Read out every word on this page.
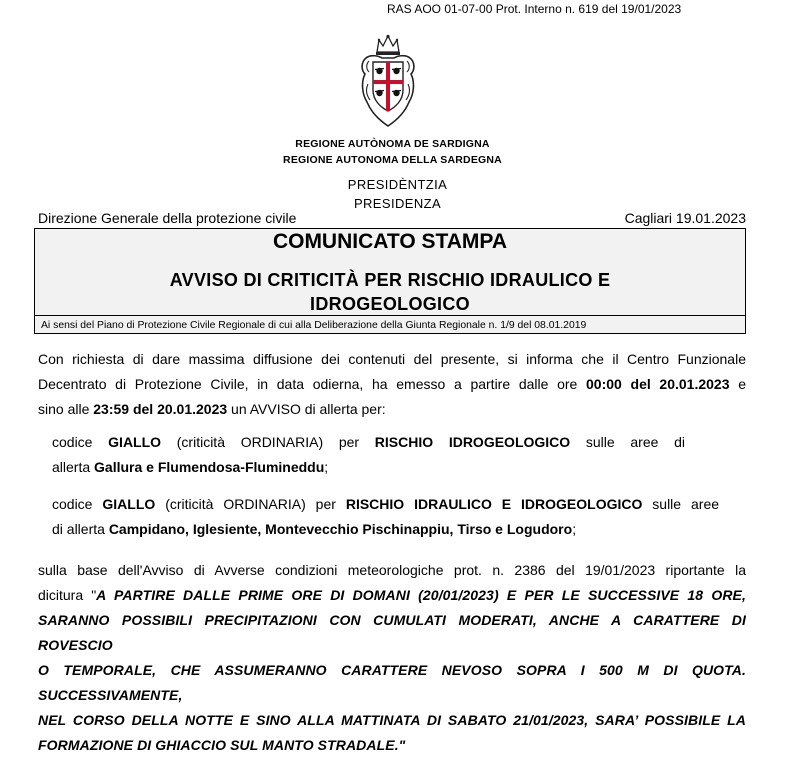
RAS AOO 01-07-00 Prot. Interno n. 619 del 19/01/2023
REGIONE AUTÒNOMA DE SARDIGNA
REGIONE AUTONOMA DELLA SARDEGNA
PRESIDÈNTZIA
PRESIDENZA
Direzione Generale della protezione civile	Cagliari 19.01.2023
COMUNICATO STAMPA
AVVISO DI CRITICITÀ PER RISCHIO IDRAULICO E
IDROGEOLOGICO
Ai sensi del Piano di Protezione Civile Regionale di cui alla Deliberazione della Giunta Regionale n. 1/9 del 08.01.2019
Con richiesta di dare massima diffusione dei contenuti del presente, si informa che il Centro Funzionale
Decentrato di Protezione Civile, in data odierna, ha emesso a partire dalle ore 00:00 del 20.01.2023 e
sino alle 23:59 del 20.01.2023 un AVVISO di allerta per:
codice GIALLO (criticità ORDINARIA) per RISCHIO IDROGEOLOGICO sulle aree di
allerta Gallura e Flumendosa-Flumineddu;
codice GIALLO (criticità ORDINARIA) per RISCHIO IDRAULICO E IDROGEOLOGICO sulle aree
di allerta Campidano, Iglesiente, Montevecchio Pischinappiu, Tirso e Logudoro;
sulla base dell'Avviso di Avverse condizioni meteorologiche prot. n. 2386 del 19/01/2023 riportante la
dicitura "A PARTIRE DALLE PRIME ORE DI DOMANI (20/01/2023) E PER LE SUCCESSIVE 18 ORE,
SARANNO POSSIBILI PRECIPITAZIONI CON CUMULATI MODERATI, ANCHE A CARATTERE DI ROVESCIO
O TEMPORALE, CHE ASSUMERANNO CARATTERE NEVOSO SOPRA I 500 M DI QUOTA. SUCCESSIVAMENTE,
NEL CORSO DELLA NOTTE E SINO ALLA MATTINATA DI SABATO 21/01/2023, SARA’ POSSIBILE LA
FORMAZIONE DI GHIACCIO SUL MANTO STRADALE."
